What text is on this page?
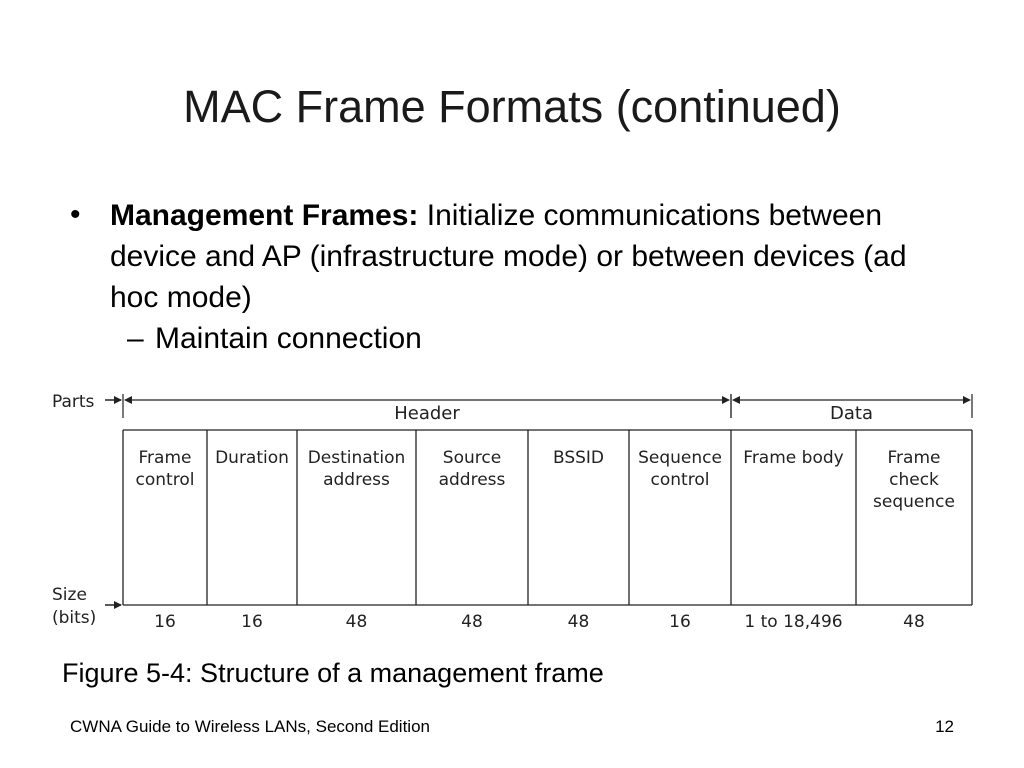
MAC Frame Formats (continued)
• Management Frames: Initialize communications between device and AP (infrastructure mode) or between devices (ad hoc mode)
– Maintain connection
Parts
Header	Data
Frame
control
16
Duration
16
Destination
address
48
Source
address
48
BSSID
48
Sequence
control
16
Frame body
1 to 18,496
Frame
check
sequence
48
Size
(bits)
Figure 5-4: Structure of a management frame
CWNA Guide to Wireless LANs, Second Edition	12
